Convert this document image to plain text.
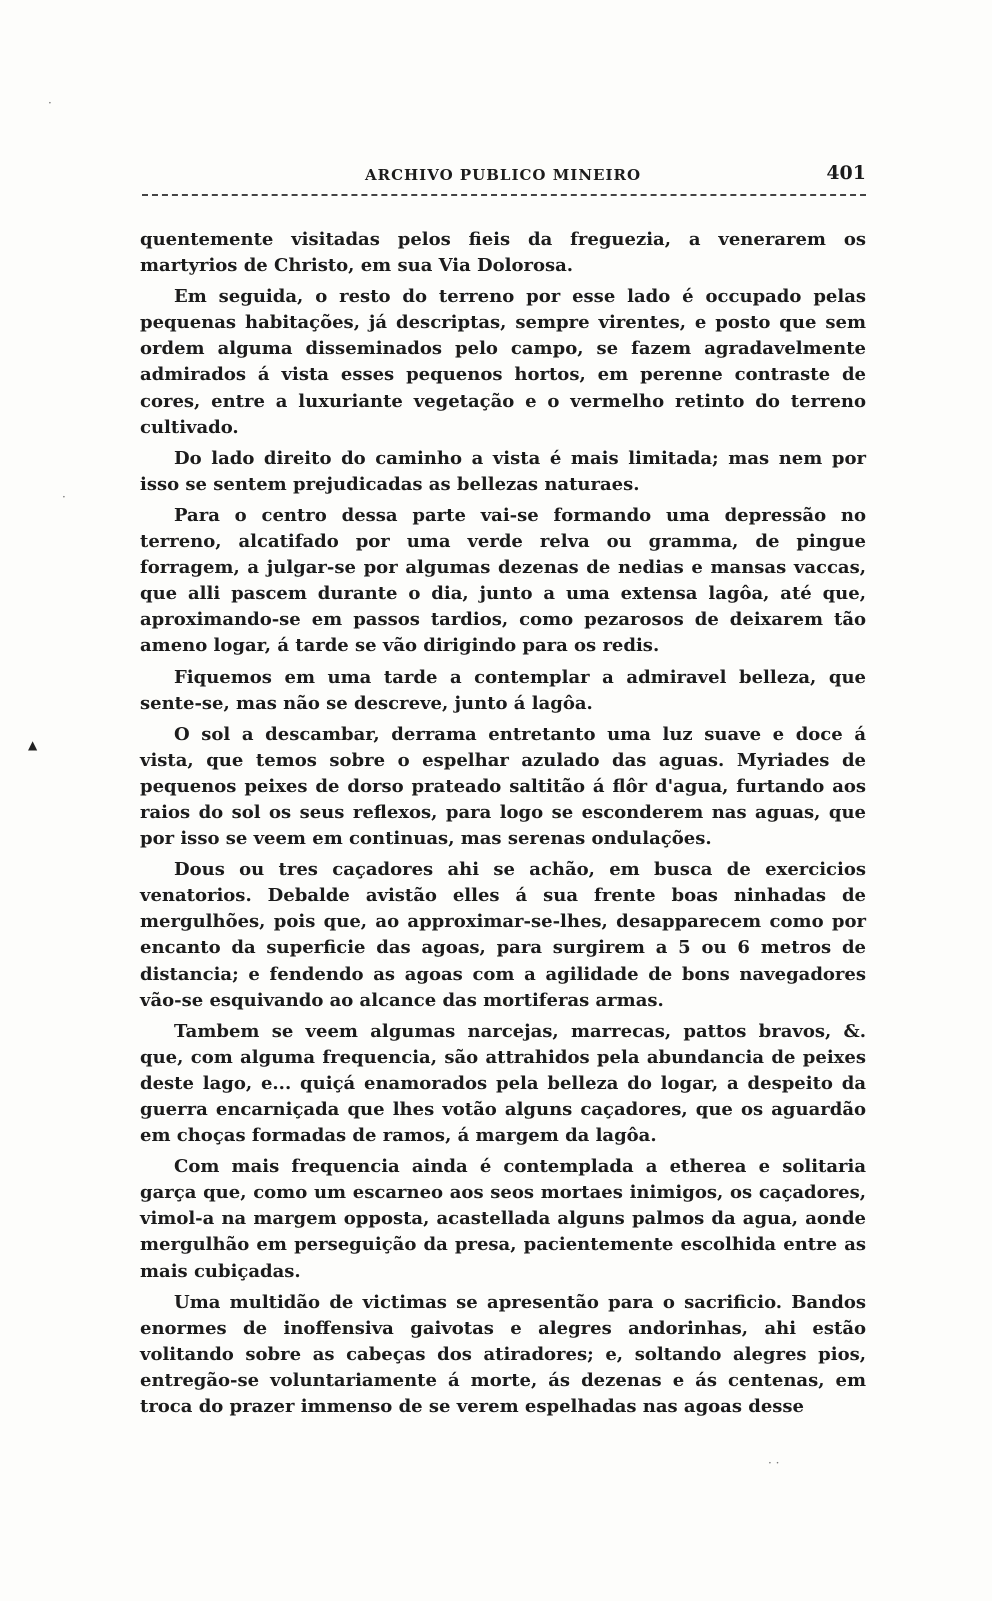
ARCHIVO PUBLICO MINEIRO	401

quentemente visitadas pelos fieis da freguezia, a venerarem os martyrios de Christo, em sua Via Dolorosa.

Em seguida, o resto do terreno por esse lado é occupado pelas pequenas habitações, já descriptas, sempre virentes, e posto que sem ordem alguma disseminados pelo campo, se fazem agradavelmente admirados á vista esses pequenos hortos, em perenne contraste de cores, entre a luxuriante vegetação e o vermelho retinto do terreno cultivado.

Do lado direito do caminho a vista é mais limitada; mas nem por isso se sentem prejudicadas as bellezas naturaes.

Para o centro dessa parte vai-se formando uma depressão no terreno, alcatifado por uma verde relva ou gramma, de pingue forragem, a julgar-se por algumas dezenas de nedias e mansas vaccas, que alli pascem durante o dia, junto a uma extensa lagôa, até que, aproximando-se em passos tardios, como pezarosos de deixarem tão ameno logar, á tarde se vão dirigindo para os redis.

Fiquemos em uma tarde a contemplar a admiravel belleza, que sente-se, mas não se descreve, junto á lagôa.

O sol a descambar, derrama entretanto uma luz suave e doce á vista, que temos sobre o espelhar azulado das aguas. Myriades de pequenos peixes de dorso prateado saltitão á flôr d'agua, furtando aos raios do sol os seus reflexos, para logo se esconderem nas aguas, que por isso se veem em continuas, mas serenas ondulações.

Dous ou tres caçadores ahi se achão, em busca de exercicios venatorios. Debalde avistão elles á sua frente boas ninhadas de mergulhões, pois que, ao approximar-se-lhes, desapparecem como por encanto da superficie das agoas, para surgirem a 5 ou 6 metros de distancia; e fendendo as agoas com a agilidade de bons navegadores vão-se esquivando ao alcance das mortiferas armas.

Tambem se veem algumas narcejas, marrecas, pattos bravos, &. que, com alguma frequencia, são attrahidos pela abundancia de peixes deste lago, e... quiçá enamorados pela belleza do logar, a despeito da guerra encarniçada que lhes votão alguns caçadores, que os aguardão em choças formadas de ramos, á margem da lagôa.

Com mais frequencia ainda é contemplada a etherea e solitaria garça que, como um escarneo aos seos mortaes inimigos, os caçadores, vimol-a na margem opposta, acastellada alguns palmos da agua, aonde mergulhão em perseguição da presa, pacientemente escolhida entre as mais cubiçadas.

Uma multidão de victimas se apresentão para o sacrificio. Bandos enormes de inoffensiva gaivotas e alegres andorinhas, ahi estão volitando sobre as cabeças dos atiradores; e, soltando alegres pios, entregão-se voluntariamente á morte, ás dezenas e ás centenas, em troca do prazer immenso de se verem espelhadas nas agoas desse

▲
·
·
· ·
